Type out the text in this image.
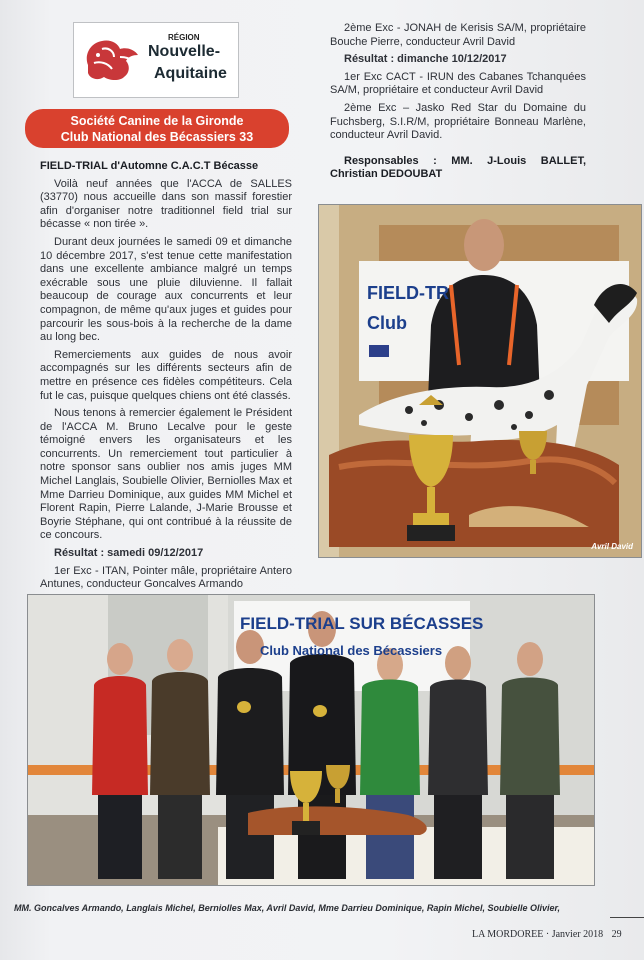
RÉGION
Nouvelle-
Aquitaine
Société Canine de la Gironde
Club National des Bécassiers 33

FIELD-TRIAL d'Automne C.A.C.T Bécasse

Voilà neuf années que l'ACCA de SALLES (33770) nous accueille dans son massif forestier afin d'organiser notre traditionnel field trial sur bécasse « non tirée ».

Durant deux journées le samedi 09 et dimanche 10 décembre 2017, s'est tenue cette manifestation dans une excellente ambiance malgré un temps exécrable sous une pluie diluvienne. Il fallait beaucoup de courage aux concurrents et leur compagnon, de même qu'aux juges et guides pour parcourir les sous-bois à la recherche de la dame au long bec.

Remerciements aux guides de nous avoir accompagnés sur les différents secteurs afin de mettre en présence ces fidèles compétiteurs. Cela fut le cas, puisque quelques chiens ont été classés.

Nous tenons à remercier également le Président de l'ACCA M. Bruno Lecalve pour le geste témoigné envers les organisateurs et les concurrents. Un remerciement tout particulier à notre sponsor sans oublier nos amis juges MM Michel Langlais, Soubielle Olivier, Berniolles Max et Mme Darrieu Dominique, aux guides MM Michel et Florent Rapin, Pierre Lalande, J-Marie Brousse et Boyrie Stéphane, qui ont contribué à la réussite de ce concours.

Résultat : samedi 09/12/2017

1er Exc - ITAN, Pointer mâle, propriétaire Antero Antunes, conducteur Goncalves Armando

2ème Exc - JONAH de Kerisis SA/M, propriétaire Bouche Pierre, conducteur Avril David

Résultat : dimanche 10/12/2017

1er Exc CACT - IRUN des Cabanes Tchanquées SA/M, propriétaire et conducteur Avril David

2ème Exc – Jasko Red Star du Domaine du Fuchsberg, S.I.R/M, propriétaire Bonneau Marlène, conducteur Avril David.

Responsables : MM. J-Louis BALLET, Christian DEDOUBAT

FIELD-TR
Club
Avril David
FIELD-TRIAL SUR BÉCASSES
Club National des Bécassiers
MM. Goncalves Armando, Langlais Michel, Berniolles Max, Avril David, Mme Darrieu Dominique, Rapin Michel, Soubielle Olivier,
LA MORDOREE · Janvier 2018 29
